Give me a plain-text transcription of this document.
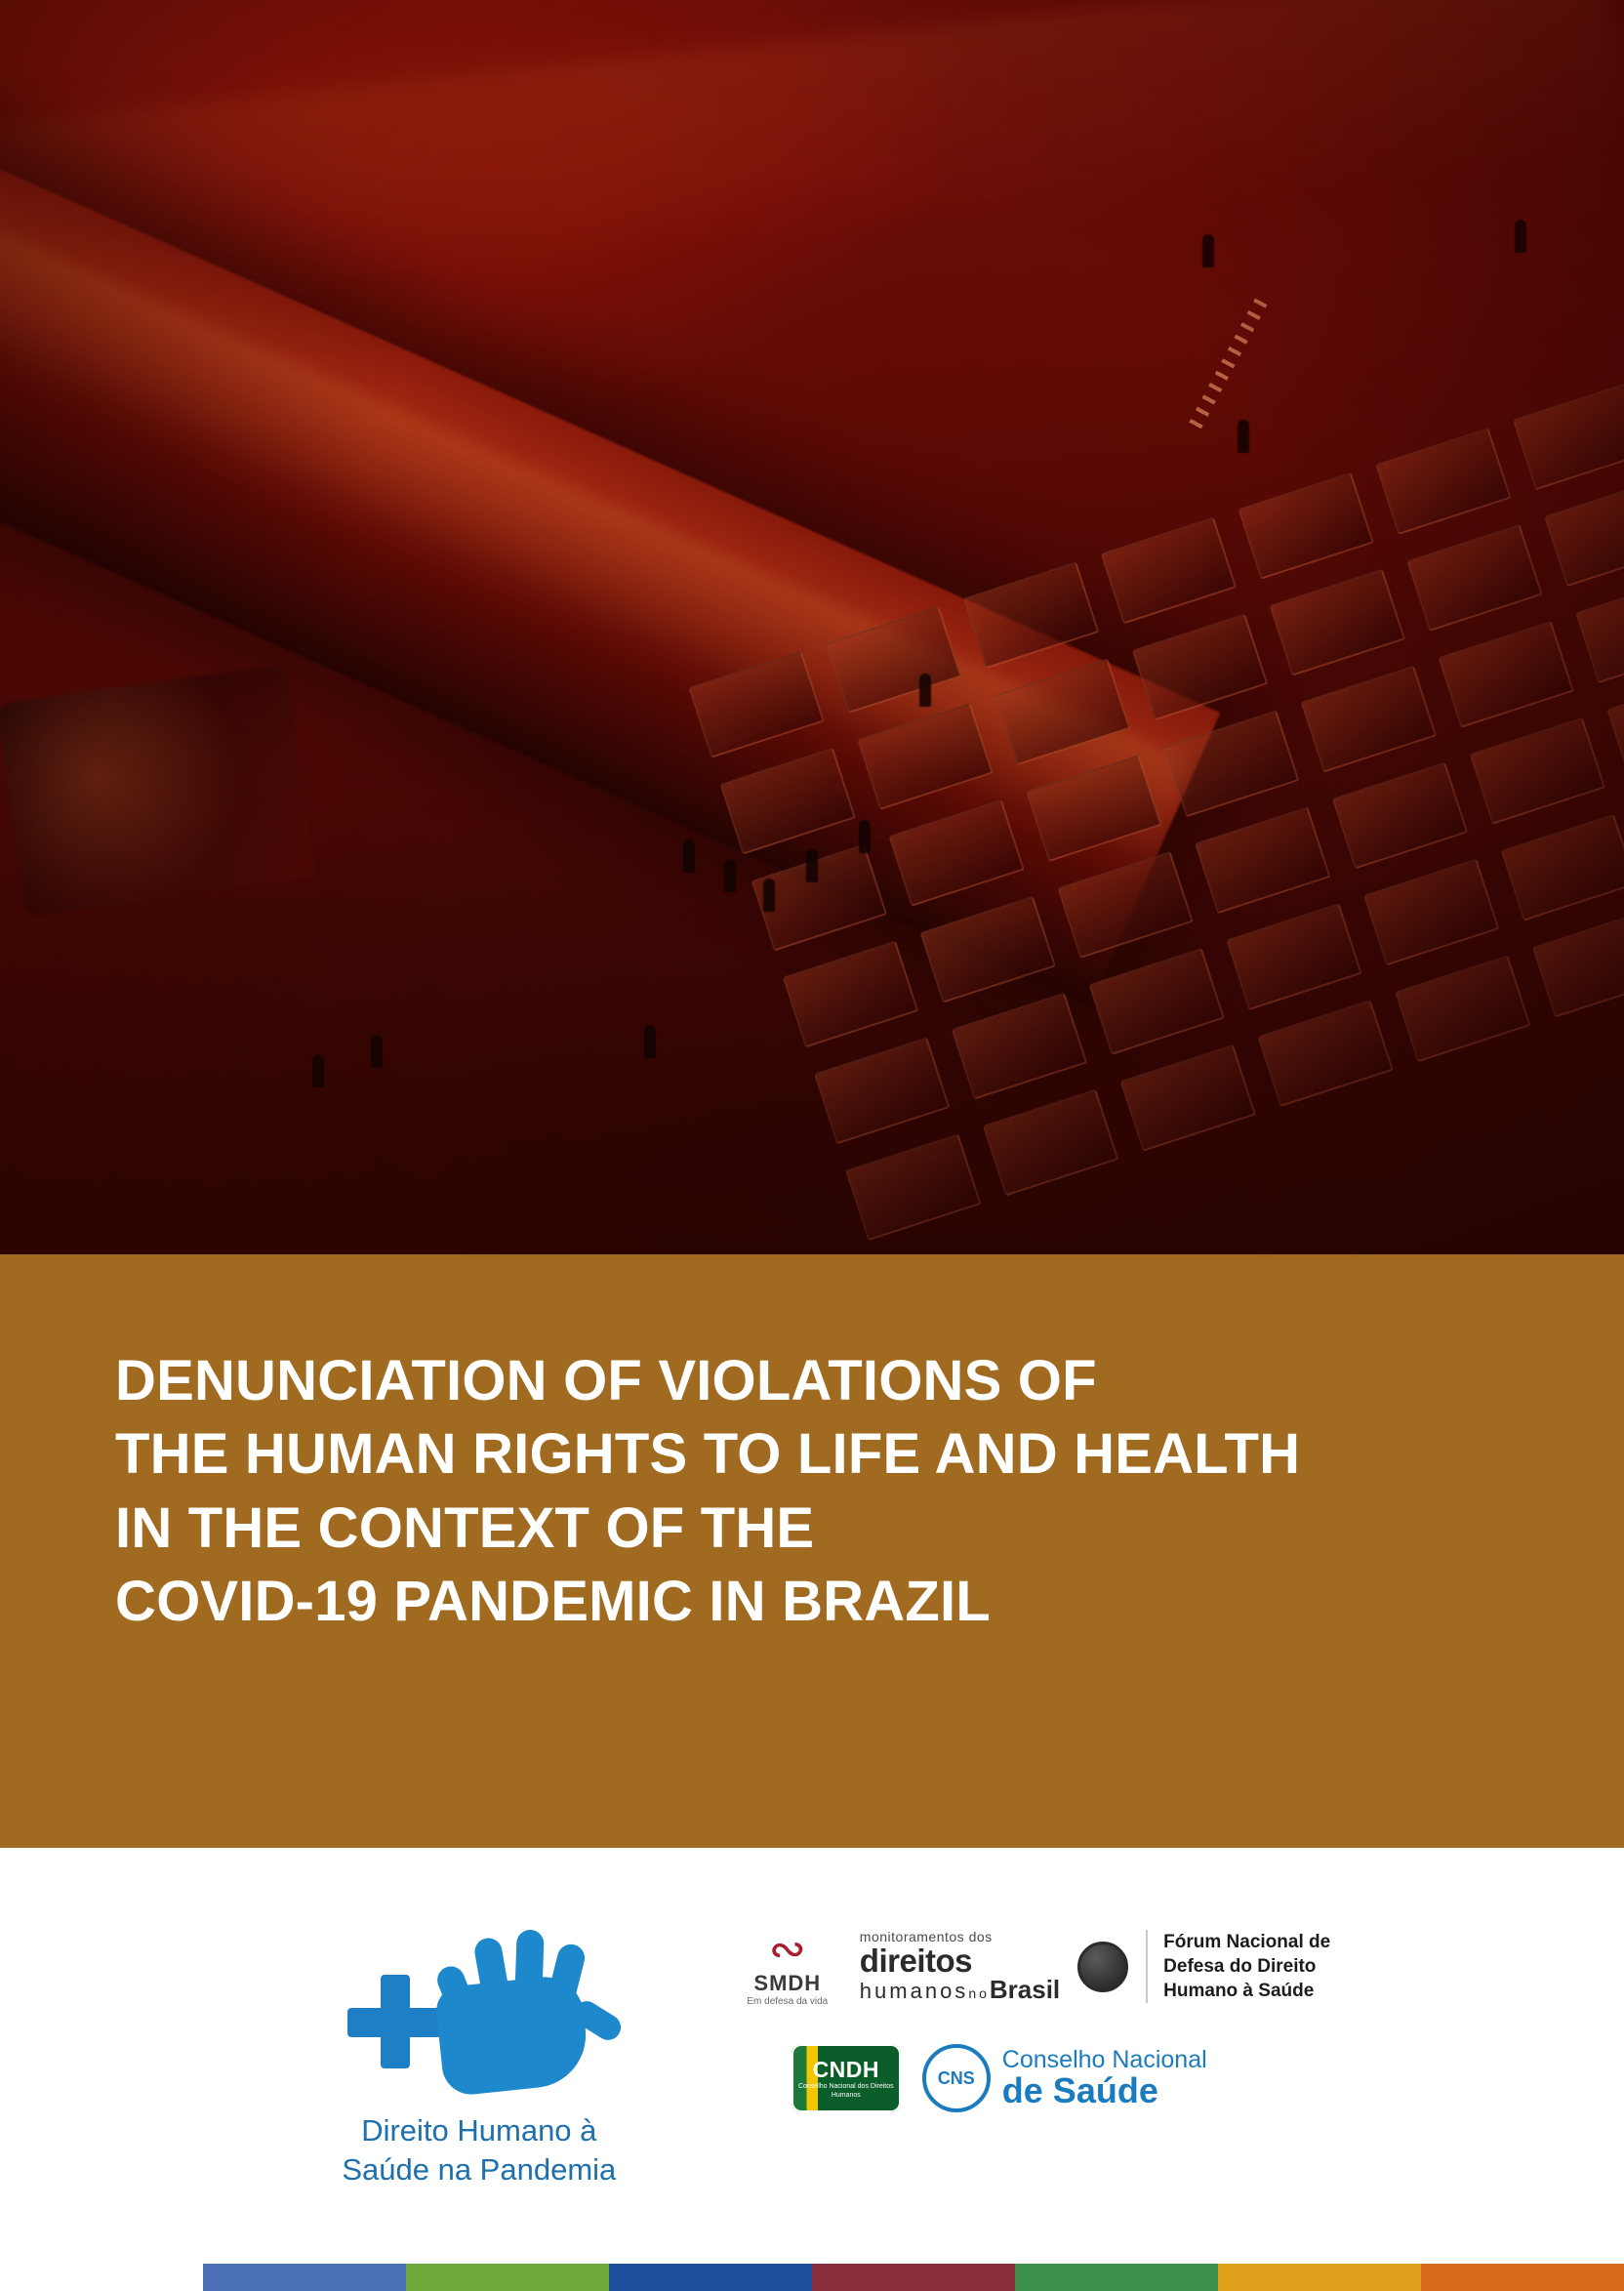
DENUNCIATION OF VIOLATIONS OF
THE HUMAN RIGHTS TO LIFE AND HEALTH
IN THE CONTEXT OF THE
COVID-19 PANDEMIC IN BRAZIL
Direito Humano à
Saúde na Pandemia
∾
SMDH
Em defesa da vida
monitoramentos dos
direitos
humanosnoBrasil
Fórum Nacional de
Defesa do Direito
Humano à Saúde
CNDH
Conselho Nacional dos Direitos Humanos
CNS
Conselho Nacional
de Saúde
